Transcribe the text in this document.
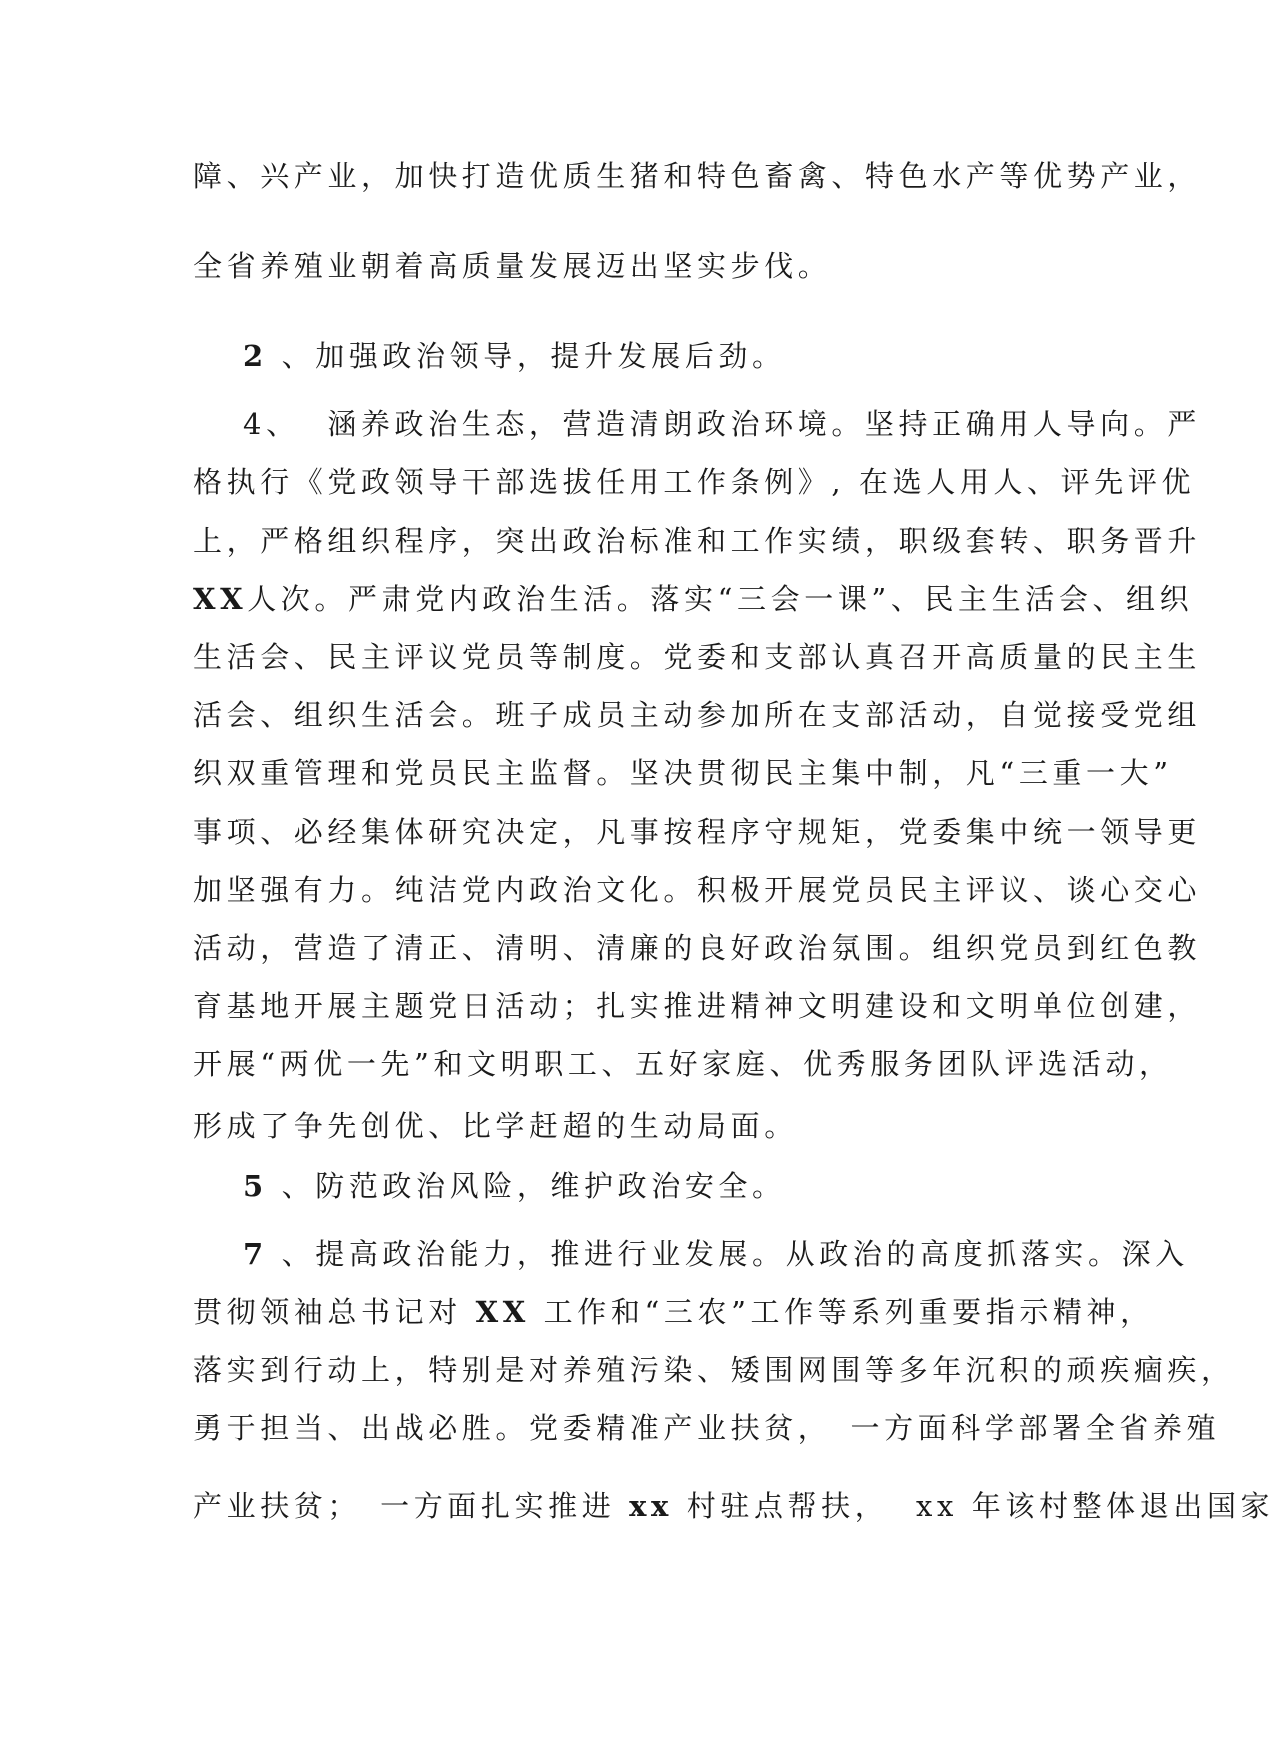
障、兴产业，加快打造优质生猪和特色畜禽、特色水产等优势产业，
全省养殖业朝着高质量发展迈出坚实步伐。
2 、加强政治领导，提升发展后劲。
4、 涵养政治生态，营造清朗政治环境。坚持正确用人导向。严
格执行《党政领导干部选拔任用工作条例》, 在选人用人、评先评优
上，严格组织程序，突出政治标准和工作实绩，职级套转、职务晋升
XX人次。严肃党内政治生活。落实“三会一课”、民主生活会、组织
生活会、民主评议党员等制度。党委和支部认真召开高质量的民主生
活会、组织生活会。班子成员主动参加所在支部活动，自觉接受党组
织双重管理和党员民主监督。坚决贯彻民主集中制，凡“三重一大”
事项、必经集体研究决定，凡事按程序守规矩，党委集中统一领导更
加坚强有力。纯洁党内政治文化。积极开展党员民主评议、谈心交心
活动，营造了清正、清明、清廉的良好政治氛围。组织党员到红色教
育基地开展主题党日活动；扎实推进精神文明建设和文明单位创建，
开展“两优一先”和文明职工、五好家庭、优秀服务团队评选活动，
形成了争先创优、比学赶超的生动局面。
5 、防范政治风险，维护政治安全。
7 、提高政治能力，推进行业发展。从政治的高度抓落实。深入
贯彻领袖总书记对 XX 工作和“三农”工作等系列重要指示精神，
落实到行动上，特别是对养殖污染、矮围网围等多年沉积的顽疾痼疾，
勇于担当、出战必胜。党委精准产业扶贫，　一方面科学部署全省养殖
产业扶贫；　一方面扎实推进 xx 村驻点帮扶， xx 年该村整体退出国家
